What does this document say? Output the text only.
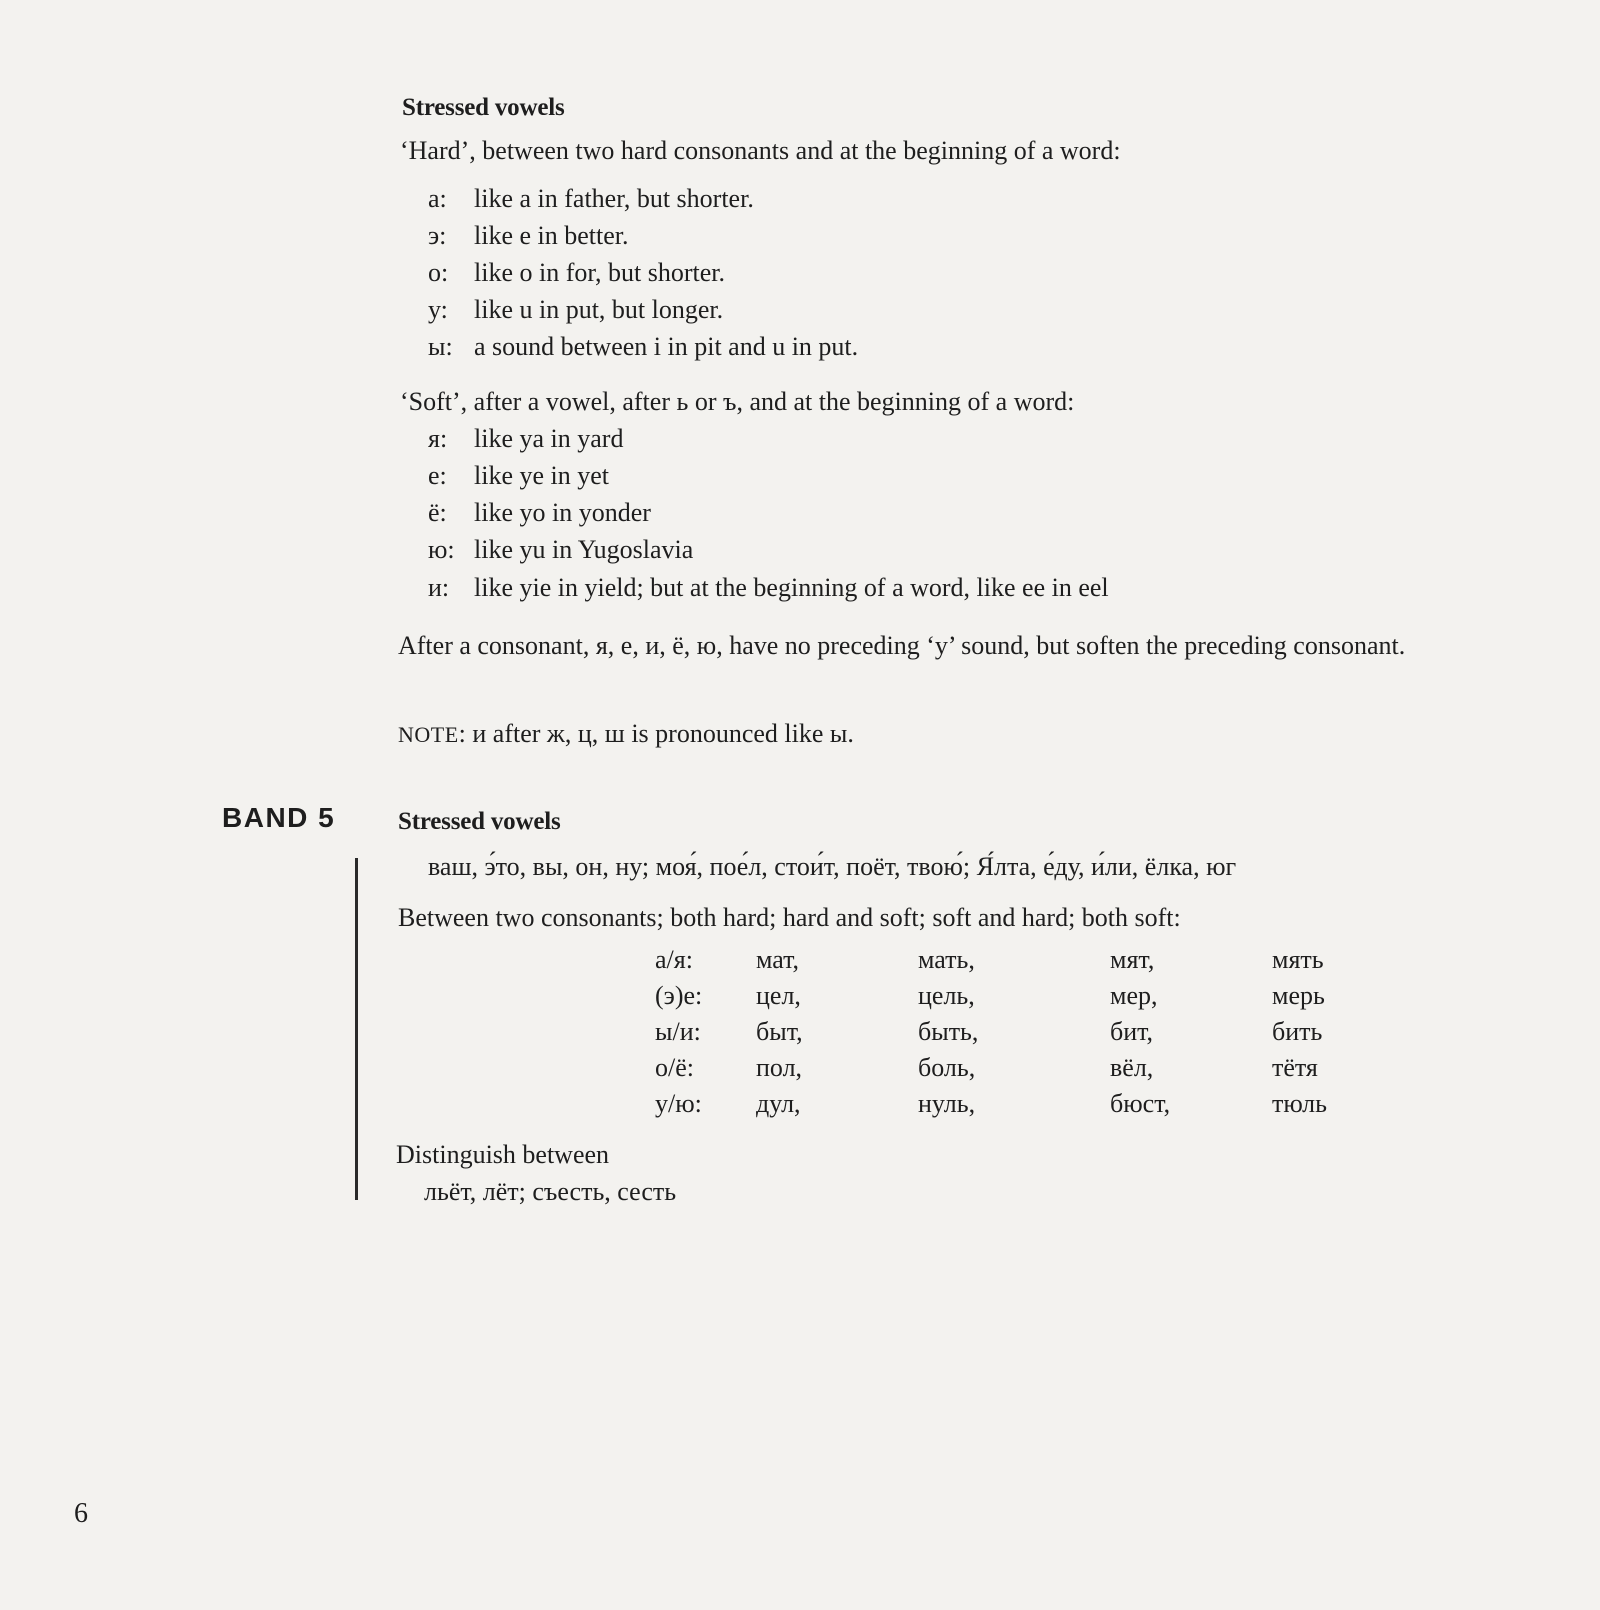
Stressed vowels
‘Hard’, between two hard consonants and at the beginning of a word:
а: like a in father, but shorter.
э: like e in better.
о: like o in for, but shorter.
у: like u in put, but longer.
ы: a sound between i in pit and u in put.
‘Soft’, after a vowel, after ь or ъ, and at the beginning of a word:
я: like ya in yard
е: like ye in yet
ё: like yo in yonder
ю: like yu in Yugoslavia
и: like yie in yield; but at the beginning of a word, like ee in eel
After a consonant, я, е, и, ё, ю, have no preceding ‘y’ sound, but soften the preceding consonant.
NOTE: и after ж, ц, ш is pronounced like ы.
BAND 5	Stressed vowels
ваш, э́то, вы, он, ну; моя́, пое́л, стои́т, поёт, твою́; Я́лта, е́ду, и́ли, ёлка, юг
Between two consonants; both hard; hard and soft; soft and hard; both soft:
а/я: мат,	мать,	мят,	мять
(э)е: цел,	цель,	мер,	мерь
ы/и: быт,	быть,	бит,	бить
о/ё: пол,	боль,	вёл,	тётя
у/ю: дул,	нуль,	бюст,	тюль
Distinguish between
льёт, лёт; съесть, сесть
6
